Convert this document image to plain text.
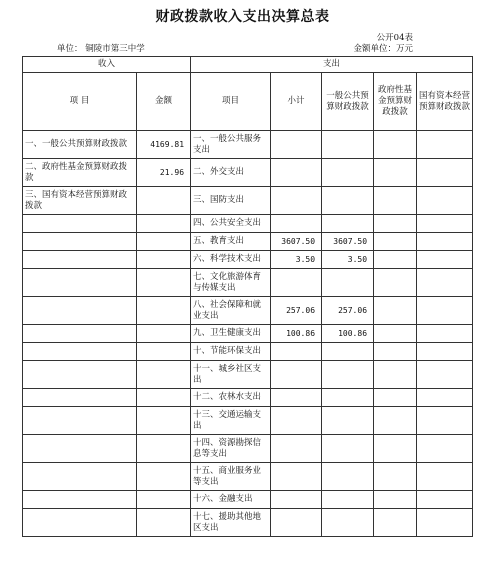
财政拨款收入支出决算总表
公开04表
单位： 铜陵市第三中学	金额单位：万元
收入		支出				
项 目	金额	项目	小计	一般公共预算财政拨款	政府性基金预算财政拨款	国有资本经营预算财政拨款
一、一般公共预算财政拨款	4169.81	一、一般公共服务支出				
二、政府性基金预算财政拨款	21.96	二、外交支出				
三、国有资本经营预算财政拨款		三、国防支出				
		四、公共安全支出				
		五、教育支出	3607.50	3607.50		
		六、科学技术支出	3.50	3.50		
		七、文化旅游体育与传媒支出				
		八、社会保障和就业支出	257.06	257.06		
		九、卫生健康支出	100.86	100.86		
		十、节能环保支出				
		十一、城乡社区支出				
		十二、农林水支出				
		十三、交通运输支出				
		十四、资源勘探信息等支出				
		十五、商业服务业等支出				
		十六、金融支出				
		十七、援助其他地区支出				
